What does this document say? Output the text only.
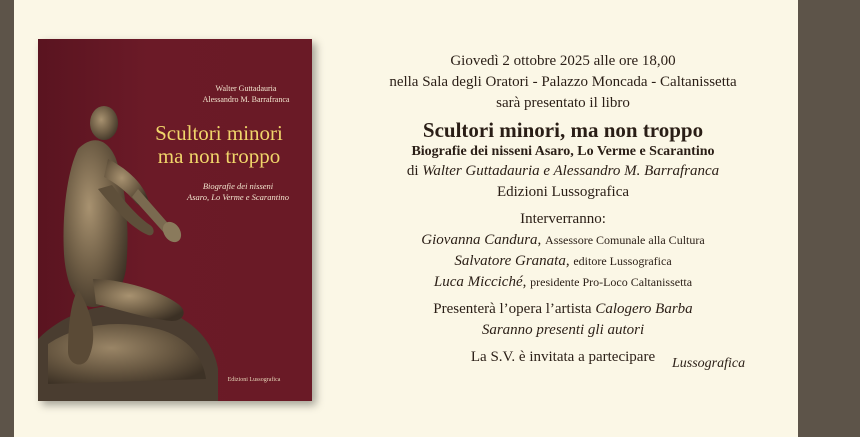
Walter Guttadauria
Alessandro M. Barrafranca
Scultori minori
ma non troppo
Biografie dei nisseni
Asaro, Lo Verme e Scarantino
Edizioni Lussografica
Giovedì 2 ottobre 2025 alle ore 18,00
nella Sala degli Oratori - Palazzo Moncada - Caltanissetta
sarà presentato il libro
Scultori minori, ma non troppo
Biografie dei nisseni Asaro, Lo Verme e Scarantino
di Walter Guttadauria e Alessandro M. Barrafranca
Edizioni Lussografica
Interverranno:
Giovanna Candura, Assessore Comunale alla Cultura
Salvatore Granata, editore Lussografica
Luca Micciché, presidente Pro-Loco Caltanissetta
Presenterà l’opera l’artista Calogero Barba
Saranno presenti gli autori
La S.V. è invitata a partecipare	Lussografica
